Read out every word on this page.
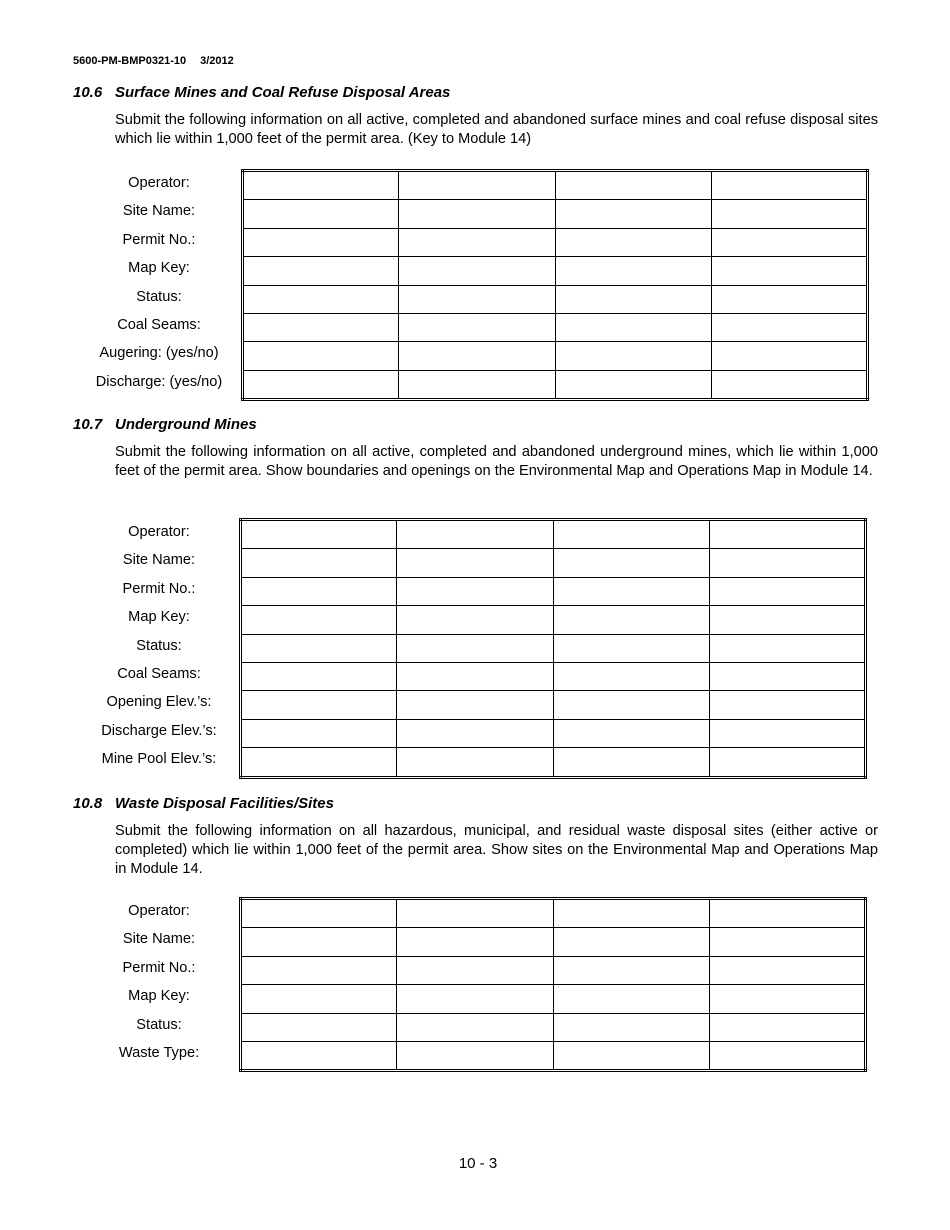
5600-PM-BMP0321-10 3/2012
10.6 Surface Mines and Coal Refuse Disposal Areas
Submit the following information on all active, completed and abandoned surface mines and coal refuse disposal sites which lie within 1,000 feet of the permit area. (Key to Module 14)
Operator:
Site Name:
Permit No.:
Map Key:
Status:
Coal Seams:
Augering: (yes/no)
Discharge: (yes/no)

10.7 Underground Mines
Submit the following information on all active, completed and abandoned underground mines, which lie within 1,000 feet of the permit area. Show boundaries and openings on the Environmental Map and Operations Map in Module 14.
Operator:
Site Name:
Permit No.:
Map Key:
Status:
Coal Seams:
Opening Elev.’s:
Discharge Elev.’s:
Mine Pool Elev.’s:

10.8 Waste Disposal Facilities/Sites
Submit the following information on all hazardous, municipal, and residual waste disposal sites (either active or completed) which lie within 1,000 feet of the permit area. Show sites on the Environmental Map and Operations Map in Module 14.
Operator:
Site Name:
Permit No.:
Map Key:
Status:
Waste Type:

10 - 3
